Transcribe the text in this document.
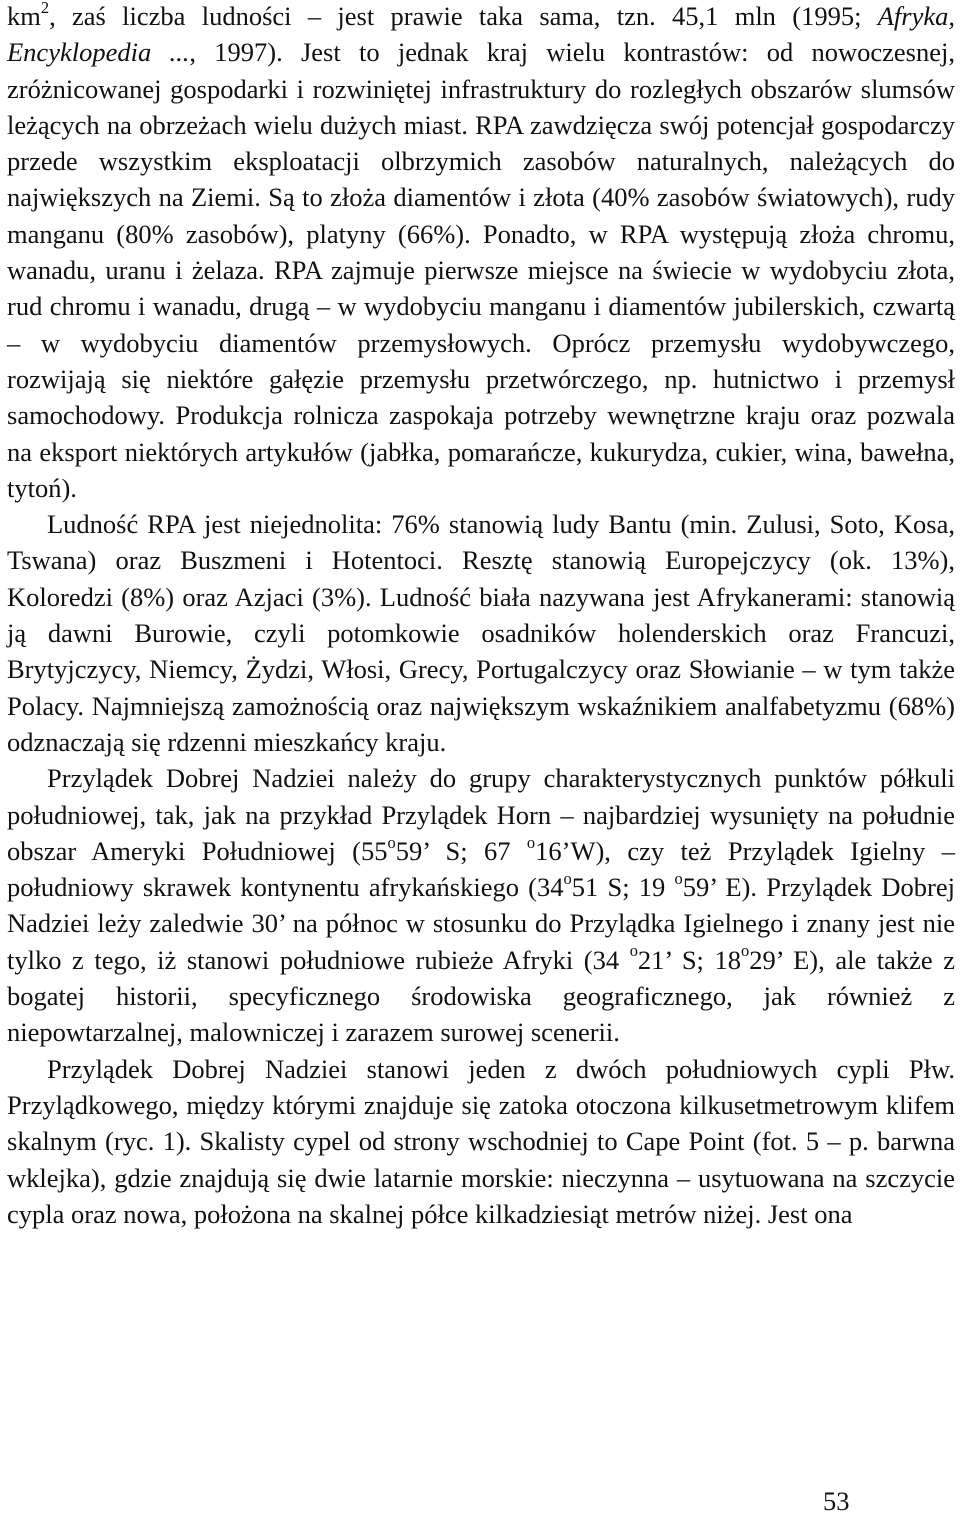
$km^2$, zaś liczba ludności – jest prawie taka sama, tzn. 45,1 mln (1995; Afryka, Encyklopedia ..., 1997). Jest to jednak kraj wielu kontrastów: od nowoczesnej, zróżnicowanej gospodarki i rozwiniętej infrastruktury do rozległych obszarów slumsów leżących na obrzeżach wielu dużych miast. RPA zawdzięcza swój potencjał gospodarczy przede wszystkim eksploatacji olbrzymich zasobów naturalnych, należących do największych na Ziemi. Są to złoża diamentów i złota (40% zasobów światowych), rudy manganu (80% zasobów), platyny (66%). Ponadto, w RPA występują złoża chromu, wanadu, uranu i żelaza. RPA zajmuje pierwsze miejsce na świecie w wydobyciu złota, rud chromu i wanadu, drugą – w wydobyciu manganu i diamentów jubilerskich, czwartą – w wydobyciu diamentów przemysłowych. Oprócz przemysłu wydobywczego, rozwijają się niektóre gałęzie przemysłu przetwórczego, np. hutnictwo i przemysł samochodowy. Produkcja rolnicza zaspokaja potrzeby wewnętrzne kraju oraz pozwala na eksport niektórych artykułów (jabłka, pomarańcze, kukurydza, cukier, wina, bawełna, tytoń).

Ludność RPA jest niejednolita: 76% stanowią ludy Bantu (min. Zulusi, Soto, Kosa, Tswana) oraz Buszmeni i Hotentoci. Resztę stanowią Europejczycy (ok. 13%), Koloredzi (8%) oraz Azjaci (3%). Ludność biała nazywana jest Afrykanerami: stanowią ją dawni Burowie, czyli potomkowie osadników holenderskich oraz Francuzi, Brytyjczycy, Niemcy, Żydzi, Włosi, Grecy, Portugalczycy oraz Słowianie – w tym także Polacy. Najmniejszą zamożnością oraz największym wskaźnikiem analfabetyzmu (68%) odznaczają się rdzenni mieszkańcy kraju.

Przylądek Dobrej Nadziei należy do grupy charakterystycznych punktów półkuli południowej, tak, jak na przykład Przylądek Horn – najbardziej wysunięty na południe obszar Ameryki Południowej (55$^o$59’ S; 67 $^o$16’W), czy też Przylądek Igielny – południowy skrawek kontynentu afrykańskiego (34$^o$51 S; 19 $^o$59’ E). Przylądek Dobrej Nadziei leży zaledwie 30’ na północ w stosunku do Przylądka Igielnego i znany jest nie tylko z tego, iż stanowi południowe rubieże Afryki (34 $^o$21’ S; 18$^o$29’ E), ale także z bogatej historii, specyficznego środowiska geograficznego, jak również z niepowtarzalnej, malowniczej i zarazem surowej scenerii.

Przylądek Dobrej Nadziei stanowi jeden z dwóch południowych cypli Płw. Przylądkowego, między którymi znajduje się zatoka otoczona kilkusetmetrowym klifem skalnym (ryc. 1). Skalisty cypel od strony wschodniej to Cape Point (fot. 5 – p. barwna wklejka), gdzie znajdują się dwie latarnie morskie: nieczynna – usytuowana na szczycie cypla oraz nowa, położona na skalnej półce kilkadziesiąt metrów niżej. Jest ona

53
